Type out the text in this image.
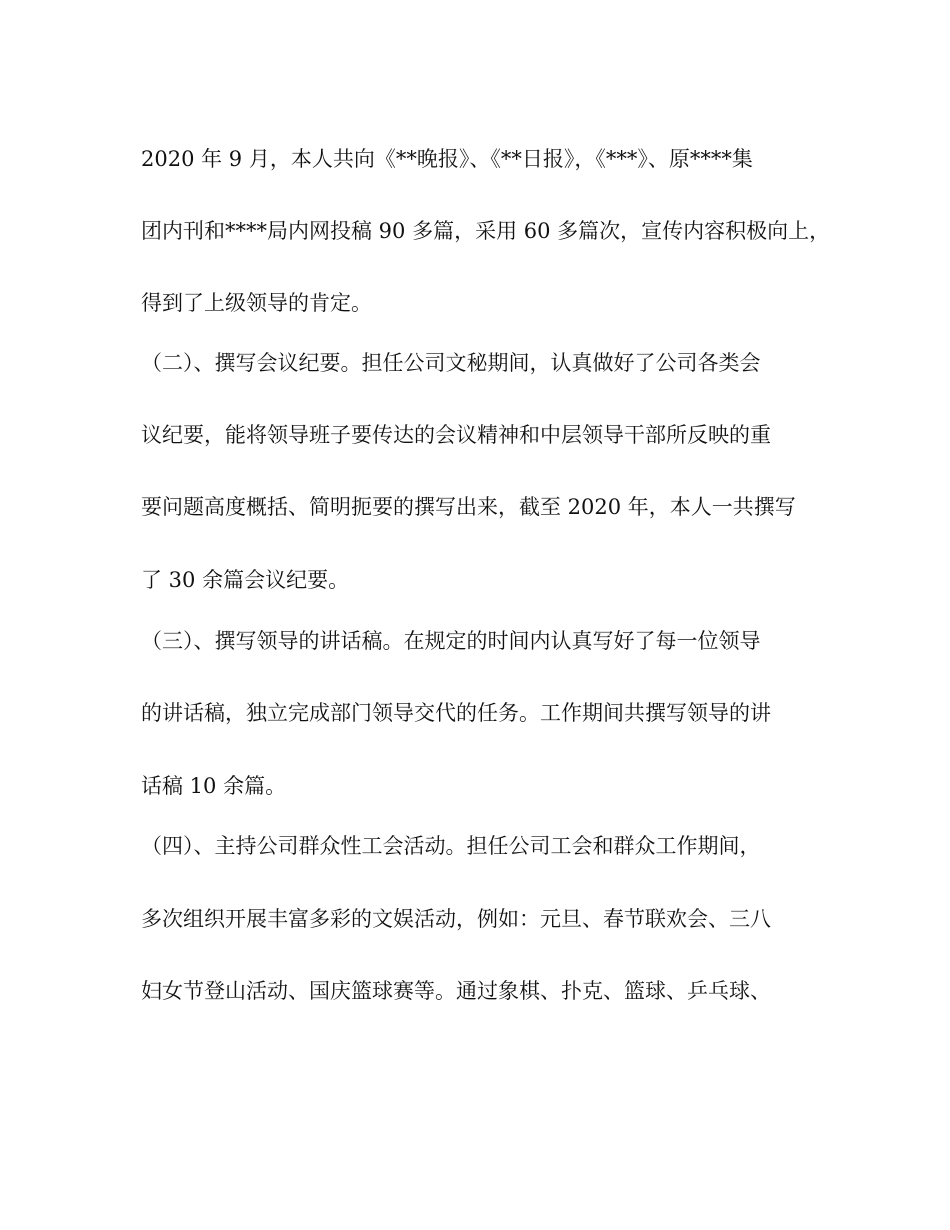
2020 年 9 月，本人共向《**晚报》、《**日报》，《***》、原****集
团内刊和****局内网投稿 90 多篇，采用 60 多篇次，宣传内容积极向上，
得到了上级领导的肯定。
（二）、撰写会议纪要。担任公司文秘期间，认真做好了公司各类会
议纪要，能将领导班子要传达的会议精神和中层领导干部所反映的重
要问题高度概括、简明扼要的撰写出来，截至 2020 年，本人一共撰写
了 30 余篇会议纪要。
（三）、撰写领导的讲话稿。在规定的时间内认真写好了每一位领导
的讲话稿，独立完成部门领导交代的任务。工作期间共撰写领导的讲
话稿 10 余篇。
（四）、主持公司群众性工会活动。担任公司工会和群众工作期间，
多次组织开展丰富多彩的文娱活动，例如：元旦、春节联欢会、三八
妇女节登山活动、国庆篮球赛等。通过象棋、扑克、篮球、乒乓球、
